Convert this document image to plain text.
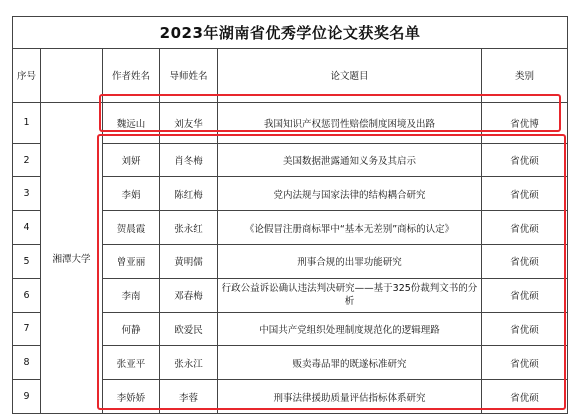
2023年湖南省优秀学位论文获奖名单					
序号		作者姓名	导师姓名	论文题目	类别
1	湘潭大学	魏远山	刘友华	我国知识产权惩罚性赔偿制度困境及出路	省优博
2		刘妍	肖冬梅	美国数据泄露通知义务及其启示	省优硕
3		李娟	陈红梅	党内法规与国家法律的结构耦合研究	省优硕
4		贺晨霞	张永红	《论假冒注册商标罪中“基本无差别”商标的认定》	省优硕
5		曾亚丽	黄明儒	刑事合规的出罪功能研究	省优硕
6		李南	邓春梅	行政公益诉讼确认违法判决研究——基于325份裁判文书的分析	省优硕
7		何静	欧爱民	中国共产党组织处理制度规范化的逻辑理路	省优硕
8		张亚平	张永江	贩卖毒品罪的既遂标准研究	省优硕
9		李娇娇	李蓉	刑事法律援助质量评估指标体系研究	省优硕
